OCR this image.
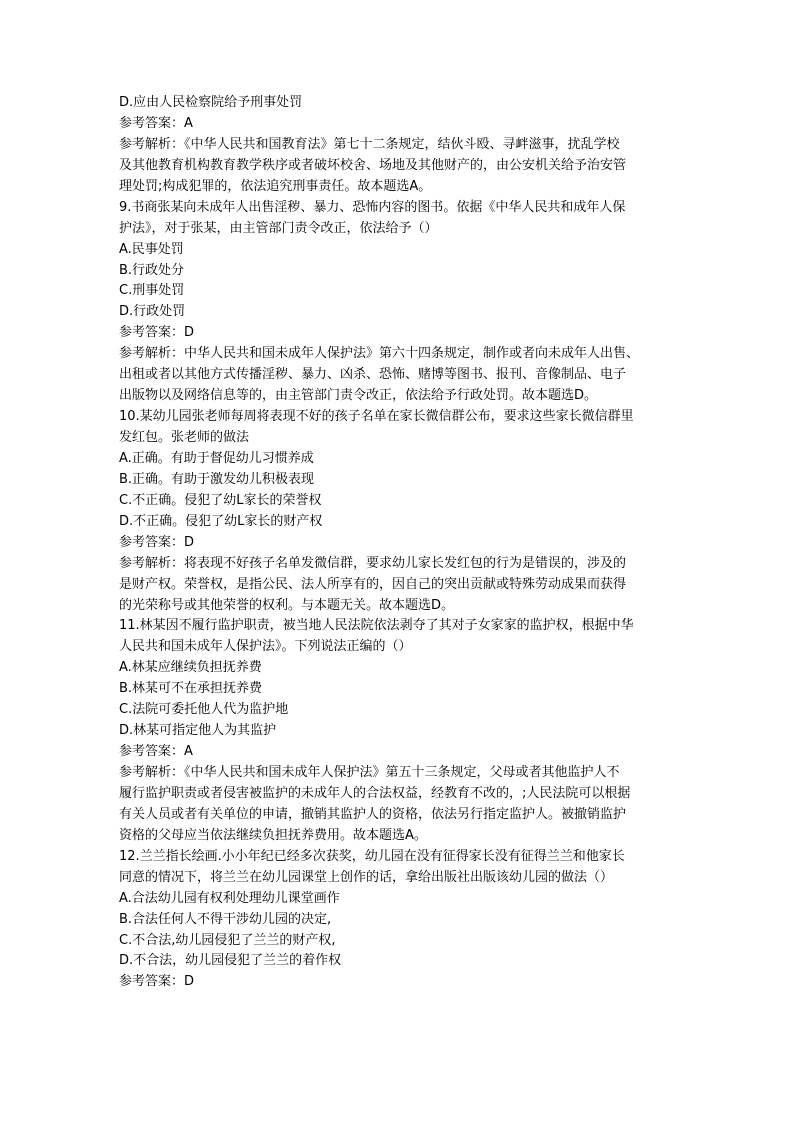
D.应由人民检察院给予刑事处罚
参考答案：A
参考解析：《中华人民共和国教育法》第七十二条规定，结伙斗殴、寻衅滋事，扰乱学校
及其他教育机构教育教学秩序或者破坏校舍、场地及其他财产的，由公安机关给予治安管
理处罚;构成犯罪的，依法追究刑事责任。故本题选A。
9.书商张某向未成年人出售淫秽、暴力、恐怖内容的图书。依据《中华人民共和成年人保
护法》，对于张某，由主管部门责令改正，依法给予（）
A.民事处罚
B.行政处分
C.刑事处罚
D.行政处罚
参考答案：D
参考解析：中华人民共和国未成年人保护法》第六十四条规定，制作或者向未成年人出售、
出租或者以其他方式传播淫秽、暴力、凶杀、恐怖、赌博等图书、报刊、音像制品、电子
出版物以及网络信息等的，由主管部门责令改正，依法给予行政处罚。故本题选D。
10.某幼儿园张老师每周将表现不好的孩子名单在家长微信群公布，要求这些家长微信群里
发红包。张老师的做法
A.正确。有助于督促幼儿习惯养成
B.正确。有助于激发幼儿积极表现
C.不正确。侵犯了幼L家长的荣誉权
D.不正确。侵犯了幼L家长的财产权
参考答案：D
参考解析：将表现不好孩子名单发微信群，要求幼儿家长发红包的行为是错误的，涉及的
是财产权。荣誉权，是指公民、法人所享有的，因自己的突出贡献或特殊劳动成果而获得
的光荣称号或其他荣誉的权利。与本题无关。故本题选D。
11.林某因不履行监护职责，被当地人民法院依法剥夺了其对子女家家的监护权，根据中华
人民共和国未成年人保护法》。下列说法正编的（）
A.林某应继续负担抚养费
B.林某可不在承担抚养费
C.法院可委托他人代为监护地
D.林某可指定他人为其监护
参考答案：A
参考解析：《中华人民共和国未成年人保护法》第五十三条规定，父母或者其他监护人不
履行监护职责或者侵害被监护的未成年人的合法权益，经教育不改的，;人民法院可以根据
有关人员或者有关单位的申请，撤销其监护人的资格，依法另行指定监护人。被撤销监护
资格的父母应当依法继续负担抚养费用。故本题选A。
12.兰兰指长绘画.小小年纪已经多次获奖，幼儿园在没有征得家长没有征得兰兰和他家长
同意的情况下，将兰兰在幼儿园课堂上创作的话，拿给出版社出版该幼儿园的做法（）
A.合法幼儿园有权利处理幼儿课堂画作
B.合法任何人不得干涉幼儿园的决定,
C.不合法,幼儿园侵犯了兰兰的财产权,
D.不合法，幼儿园侵犯了兰兰的着作权
参考答案：D
